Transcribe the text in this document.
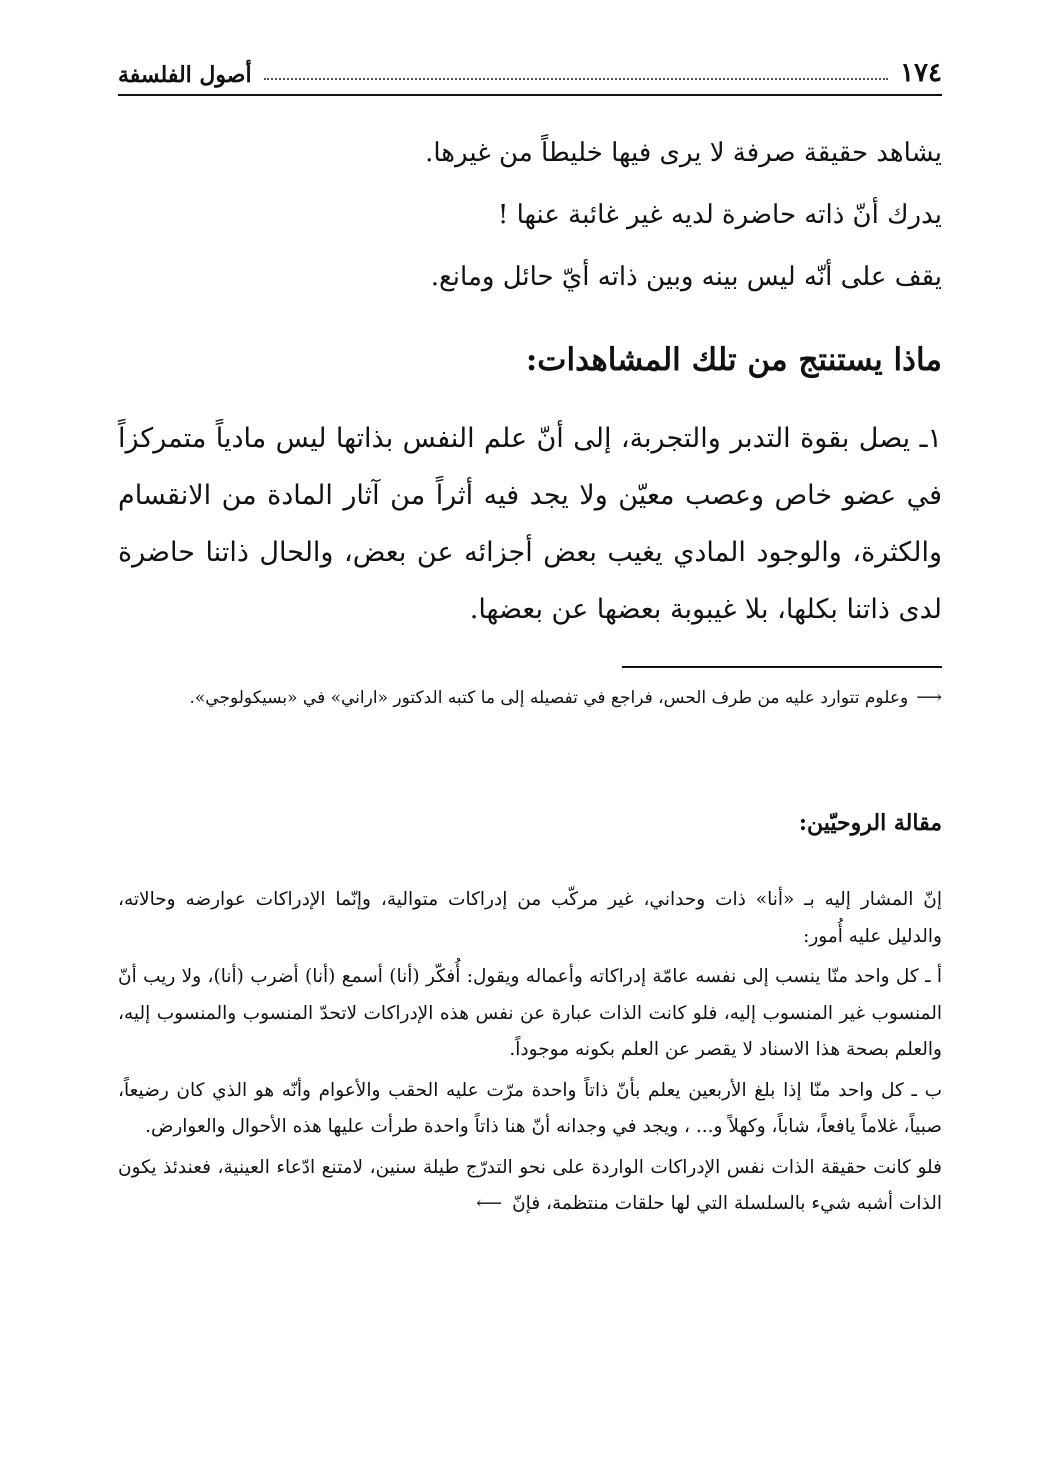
١٧٤
أصول الفلسفة

يشاهد حقيقة صرفة لا يرى فيها خليطاً من غيرها.

يدرك أنّ ذاته حاضرة لديه غير غائبة عنها !

يقف على أنّه ليس بينه وبين ذاته أيّ حائل ومانع.

ماذا يستنتج من تلك المشاهدات:

١ـ يصل بقوة التدبر والتجربة، إلى أنّ علم النفس بذاتها ليس مادياً متمركزاً في عضو خاص وعصب معيّن ولا يجد فيه أثراً من آثار المادة من الانقسام والكثرة، والوجود المادي يغيب بعض أجزائه عن بعض، والحال ذاتنا حاضرة لدى ذاتنا بكلها، بلا غيبوبة بعضها عن بعضها.

⟶وعلوم تتوارد عليه من طرف الحس، فراجع في تفصيله إلى ما كتبه الدكتور «اراني» في «بسيكولوجي».
مقالة الروحيّين:

إنّ المشار إليه بـ «أنا» ذات وحداني، غير مركّب من إدراكات متوالية، وإنّما الإدراكات عوارضه وحالاته، والدليل عليه أُمور:

أ ـ كل واحد منّا ينسب إلى نفسه عامّة إدراكاته وأعماله ويقول: أُفكّر (أنا) أسمع (أنا) أضرب (أنا)، ولا ريب أنّ المنسوب غير المنسوب إليه، فلو كانت الذات عبارة عن نفس هذه الإدراكات لاتحدّ المنسوب والمنسوب إليه، والعلم بصحة هذا الاسناد لا يقصر عن العلم بكونه موجوداً.

ب ـ كل واحد منّا إذا بلغ الأربعين يعلم بأنّ ذاتاً واحدة مرّت عليه الحقب والأعوام وأنّه هو الذي كان رضيعاً، صبياً، غلاماً يافعاً، شاباً، وكهلاً و... ، ويجد في وجدانه أنّ هنا ذاتاً واحدة طرأت عليها هذه الأحوال والعوارض.

فلو كانت حقيقة الذات نفس الإدراكات الواردة على نحو التدرّج طيلة سنين، لامتنع ادّعاء العينية، فعندئذ يكون الذات أشبه شيء بالسلسلة التي لها حلقات منتظمة، فإنّ⟵
